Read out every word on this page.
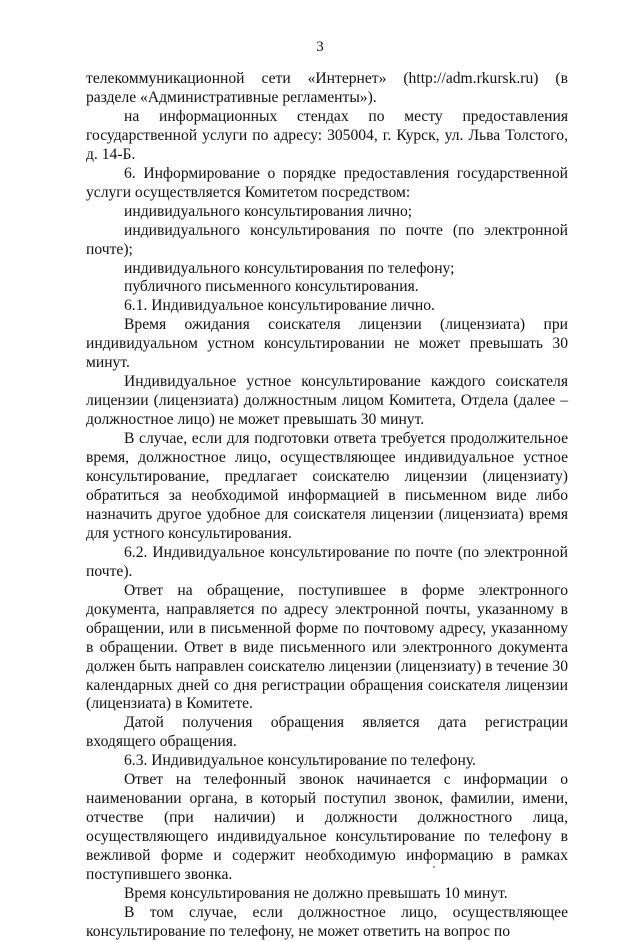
3

телекоммуникационной сети «Интернет» (http://adm.rkursk.ru) (в разделе «Административные регламенты»).

на информационных стендах по месту предоставления государственной услуги по адресу: 305004, г. Курск, ул. Льва Толстого, д. 14-Б.

6. Информирование о порядке предоставления государственной услуги осуществляется Комитетом посредством:

индивидуального консультирования лично;

индивидуального консультирования по почте (по электронной почте);

индивидуального консультирования по телефону;

публичного письменного консультирования.

6.1. Индивидуальное консультирование лично.

Время ожидания соискателя лицензии (лицензиата) при индивидуальном устном консультировании не может превышать 30 минут.

Индивидуальное устное консультирование каждого соискателя лицензии (лицензиата) должностным лицом Комитета, Отдела (далее – должностное лицо) не может превышать 30 минут.

В случае, если для подготовки ответа требуется продолжительное время, должностное лицо, осуществляющее индивидуальное устное консультирование, предлагает соискателю лицензии (лицензиату) обратиться за необходимой информацией в письменном виде либо назначить другое удобное для соискателя лицензии (лицензиата) время для устного консультирования.

6.2. Индивидуальное консультирование по почте (по электронной почте).

Ответ на обращение, поступившее в форме электронного документа, направляется по адресу электронной почты, указанному в обращении, или в письменной форме по почтовому адресу, указанному в обращении. Ответ в виде письменного или электронного документа должен быть направлен соискателю лицензии (лицензиату) в течение 30 календарных дней со дня регистрации обращения соискателя лицензии (лицензиата) в Комитете.

Датой получения обращения является дата регистрации входящего обращения.

6.3. Индивидуальное консультирование по телефону.

Ответ на телефонный звонок начинается с информации о наименовании органа, в который поступил звонок, фамилии, имени, отчестве (при наличии) и должности должностного лица, осуществляющего индивидуальное консультирование по телефону в вежливой форме и содержит необходимую информацию в рамках поступившего звонка.

Время консультирования не должно превышать 10 минут.

В том случае, если должностное лицо, осуществляющее консультирование по телефону, не может ответить на вопрос по
